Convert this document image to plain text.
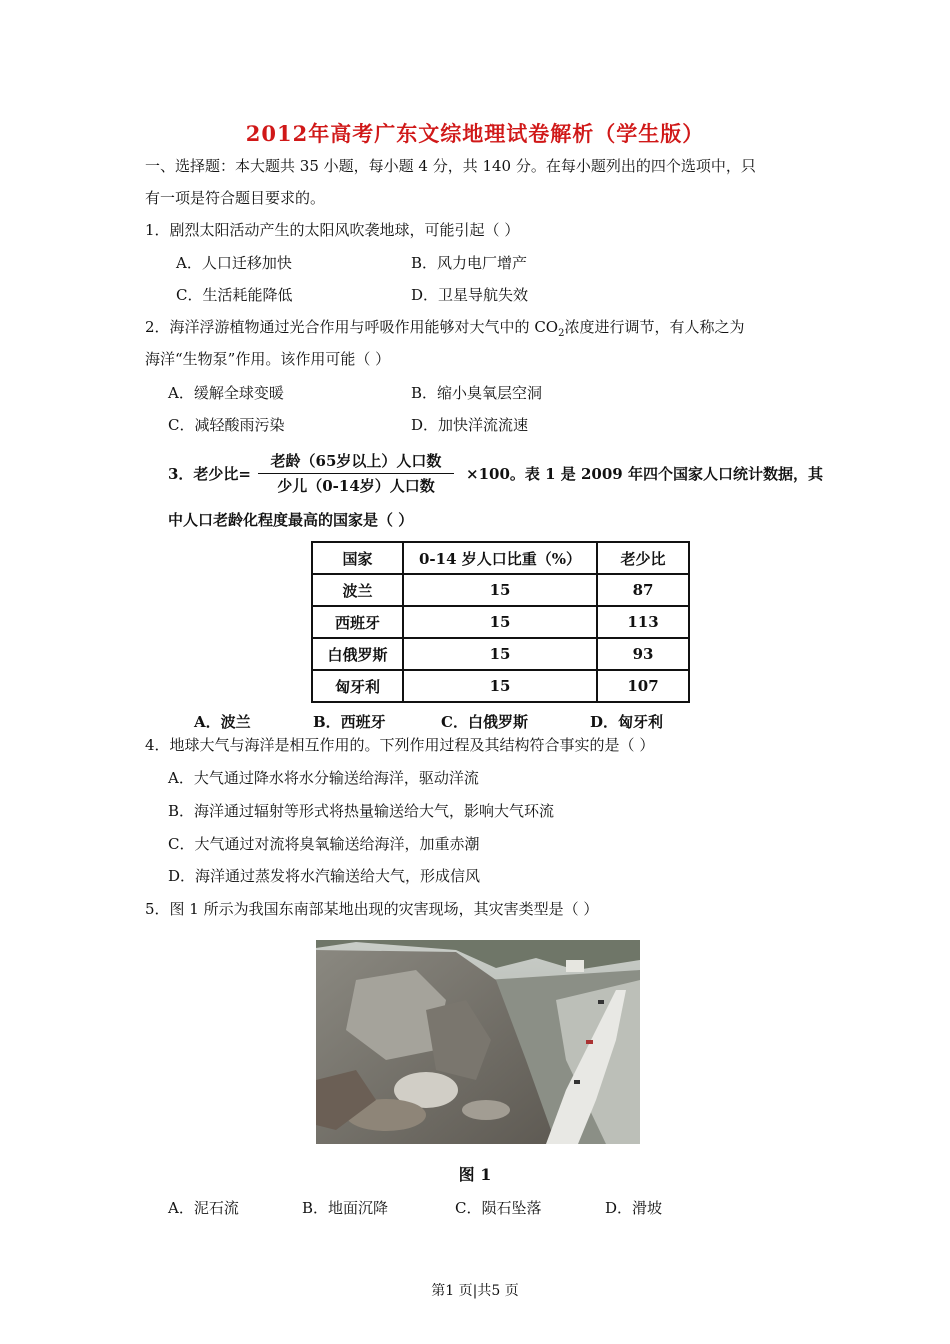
2012年高考广东文综地理试卷解析（学生版）
一、选择题：本大题共 35 小题，每小题 4 分，共 140 分。在每小题列出的四个选项中，只
有一项是符合题目要求的。
1．剧烈太阳活动产生的太阳风吹袭地球，可能引起（ ）
A．人口迁移加快	B．风力电厂增产
C．生活耗能降低	D．卫星导航失效
2．海洋浮游植物通过光合作用与呼吸作用能够对大气中的 $CO_2$浓度进行调节，有人称之为
海洋“生物泵”作用。该作用可能（ ）
A．缓解全球变暖	B．缩小臭氧层空洞
C．减轻酸雨污染	D．加快洋流流速
3．老少比=
老龄（65岁以上）人口数
少儿（0-14岁）人口数
×100。表 1 是 2009 年四个国家人口统计数据，其
中人口老龄化程度最高的国家是（ ）
国家	0-14 岁人口比重（%）	老少比
波兰	15	87
西班牙	15	113
白俄罗斯	15	93
匈牙利	15	107
A．波兰	B．西班牙	C．白俄罗斯	D．匈牙利
4．地球大气与海洋是相互作用的。下列作用过程及其结构符合事实的是（ ）
A．大气通过降水将水分输送给海洋，驱动洋流
B．海洋通过辐射等形式将热量输送给大气，影响大气环流
C．大气通过对流将臭氧输送给海洋，加重赤潮
D．海洋通过蒸发将水汽输送给大气，形成信风
5．图 1 所示为我国东南部某地出现的灾害现场，其灾害类型是（ ）
图 1
A．泥石流	B．地面沉降	C．陨石坠落	D．滑坡
第1 页|共5 页
